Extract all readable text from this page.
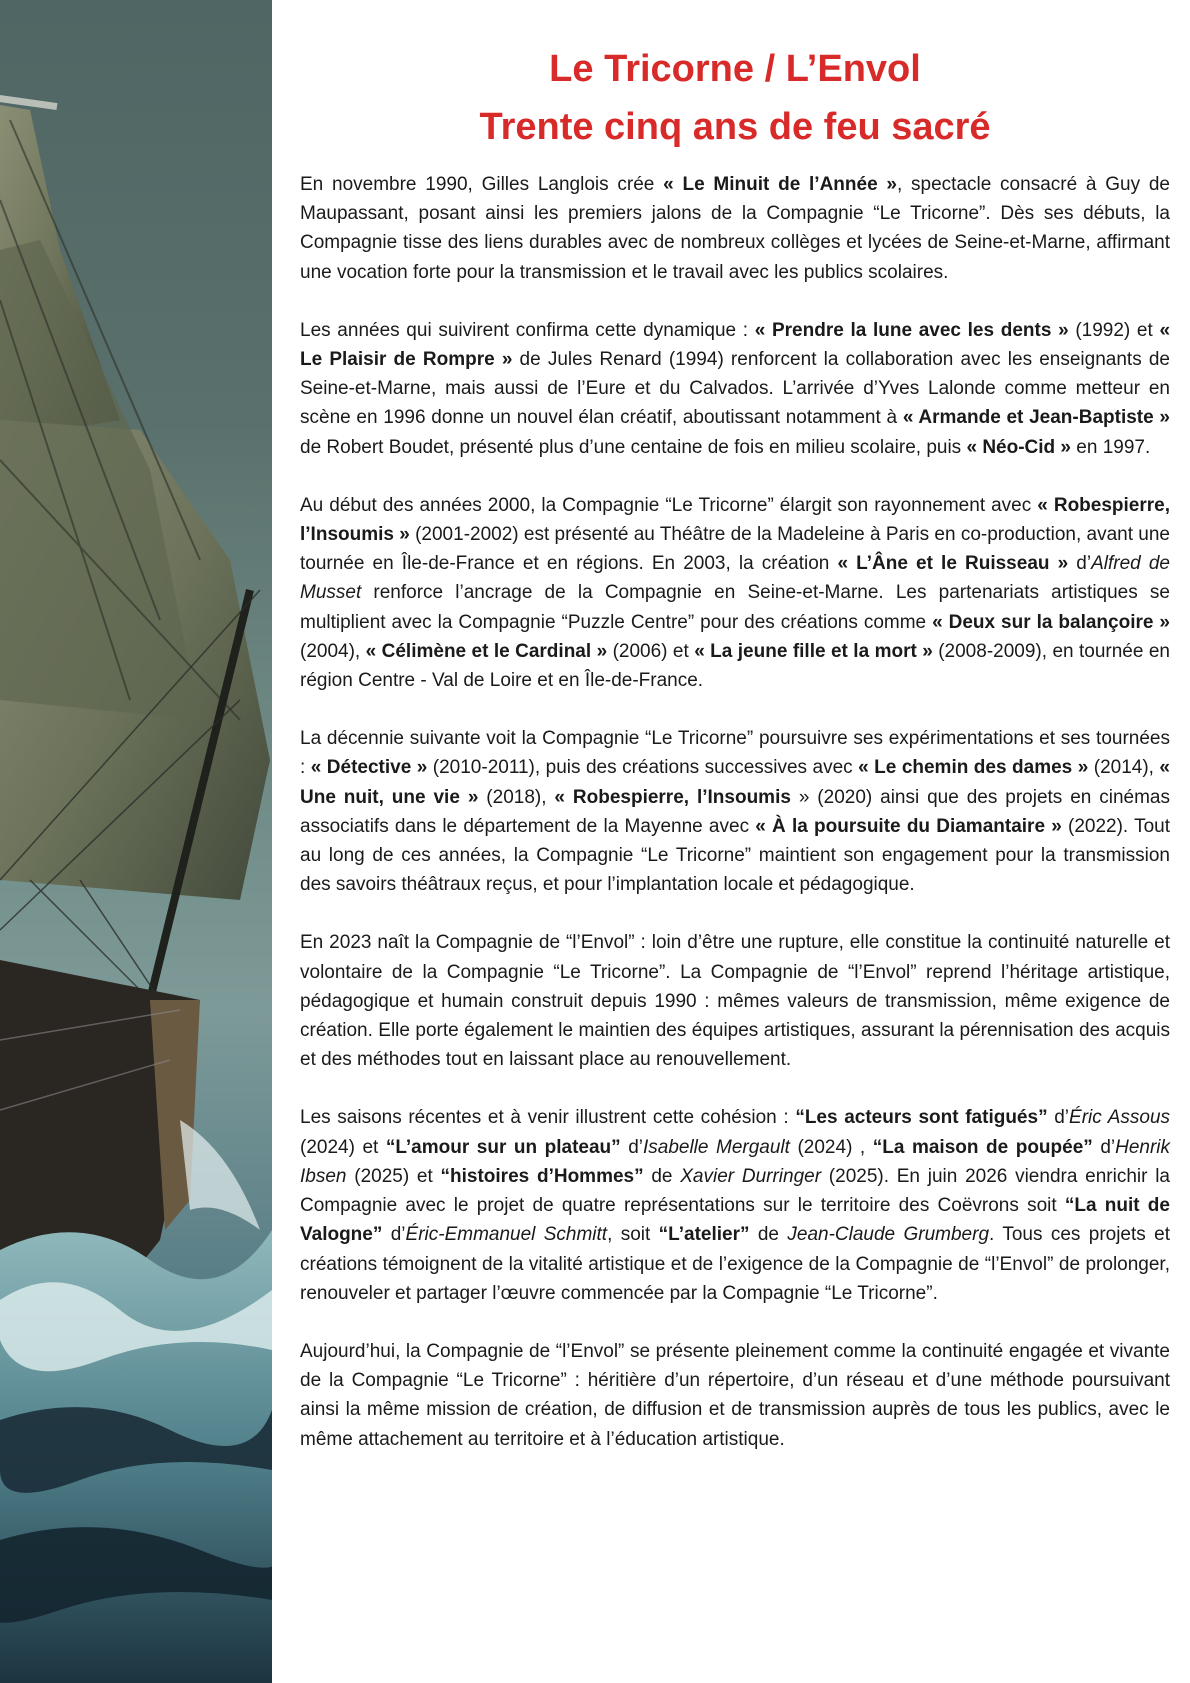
Le Tricorne / L’Envol
Trente cinq ans de feu sacré

En novembre 1990, Gilles Langlois crée « Le Minuit de l’Année », spectacle consacré à Guy de Maupassant, posant ainsi les premiers jalons de la Compagnie “Le Tricorne”. Dès ses débuts, la Compagnie tisse des liens durables avec de nombreux collèges et lycées de Seine-et-Marne, affirmant une vocation forte pour la transmission et le travail avec les publics scolaires.

Les années qui suivirent confirma cette dynamique : « Prendre la lune avec les dents » (1992) et « Le Plaisir de Rompre » de Jules Renard (1994) renforcent la collaboration avec les enseignants de Seine-et-Marne, mais aussi de l’Eure et du Calvados. L’arrivée d’Yves Lalonde comme metteur en scène en 1996 donne un nouvel élan créatif, aboutissant notamment à « Armande et Jean-Baptiste » de Robert Boudet, présenté plus d’une centaine de fois en milieu scolaire, puis « Néo-Cid » en 1997.

Au début des années 2000, la Compagnie “Le Tricorne” élargit son rayonnement avec « Robespierre, l’Insoumis » (2001-2002) est présenté au Théâtre de la Madeleine à Paris en co-production, avant une tournée en Île-de-France et en régions. En 2003, la création « L’Âne et le Ruisseau » d’Alfred de Musset renforce l’ancrage de la Compagnie en Seine-et-Marne. Les partenariats artistiques se multiplient avec la Compagnie “Puzzle Centre” pour des créations comme « Deux sur la balançoire » (2004), « Célimène et le Cardinal » (2006) et « La jeune fille et la mort » (2008-2009), en tournée en région Centre - Val de Loire et en Île-de-France.

La décennie suivante voit la Compagnie “Le Tricorne” poursuivre ses expérimentations et ses tournées : « Détective » (2010-2011), puis des créations successives avec « Le chemin des dames » (2014), « Une nuit, une vie » (2018), « Robespierre, l’Insoumis » (2020) ainsi que des projets en cinémas associatifs dans le département de la Mayenne avec « À la poursuite du Diamantaire » (2022). Tout au long de ces années, la Compagnie “Le Tricorne” maintient son engagement pour la transmission des savoirs théâtraux reçus, et pour l’implantation locale et pédagogique.

En 2023 naît la Compagnie de “l’Envol” : loin d’être une rupture, elle constitue la continuité naturelle et volontaire de la Compagnie “Le Tricorne”. La Compagnie de “l’Envol” reprend l’héritage artistique, pédagogique et humain construit depuis 1990 : mêmes valeurs de transmission, même exigence de création. Elle porte également le maintien des équipes artistiques, assurant la pérennisation des acquis et des méthodes tout en laissant place au renouvellement.

Les saisons récentes et à venir illustrent cette cohésion : “Les acteurs sont fatigués” d’Éric Assous (2024) et “L’amour sur un plateau” d’Isabelle Mergault (2024) , “La maison de poupée” d’Henrik Ibsen (2025) et “histoires d’Hommes” de Xavier Durringer (2025). En juin 2026 viendra enrichir la Compagnie avec le projet de quatre représentations sur le territoire des Coëvrons soit “La nuit de Valogne” d’Éric-Emmanuel Schmitt, soit “L’atelier” de Jean-Claude Grumberg. Tous ces projets et créations témoignent de la vitalité artistique et de l’exigence de la Compagnie de “l’Envol” de prolonger, renouveler et partager l’œuvre commencée par la Compagnie “Le Tricorne”.

Aujourd’hui, la Compagnie de “l’Envol” se présente pleinement comme la continuité engagée et vivante de la Compagnie “Le Tricorne” : héritière d’un répertoire, d’un réseau et d’une méthode poursuivant ainsi la même mission de création, de diffusion et de transmission auprès de tous les publics, avec le même attachement au territoire et à l’éducation artistique.
